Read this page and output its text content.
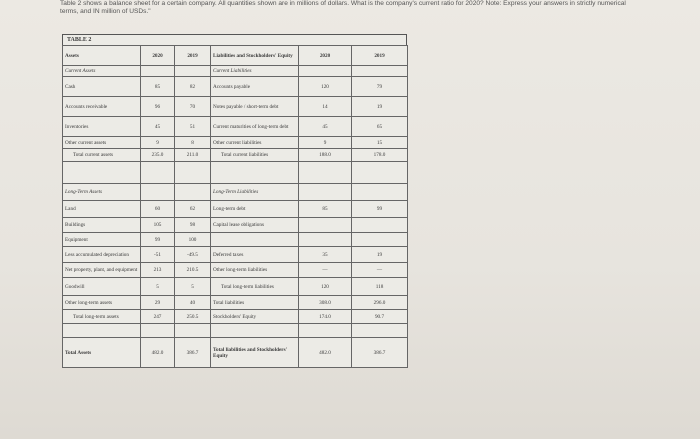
Table 2 shows a balance sheet for a certain company. All quantities shown are in millions of dollars. What is the company's current ratio for 2020? Note: Express your answers in strictly numerical
terms, and IN million of USDs."
TABLE 2
Assets	2020	2019	Liabilities and Stockholders' Equity	2020	2019
Current Assets			Current Liabilities		
Cash	85	82	Accounts payable	120	79
Accounts receivable	96	70	Notes payable / short-term debt	14	19
Inventories	45	51	Current maturities of long-term debt	45	65
Other current assets	9	8	Other current liabilities	9	15
Total current assets	235.0	211.0	Total current liabilities	188.0	178.0

Long-Term Assets			Long-Term Liabilities		
Land	60	62	Long-term debt	85	99
Buildings	105	98	Capital lease obligations		
Equipment	99	100			
Less accumulated depreciation	-51	-49.5	Deferred taxes	35	19
Net property, plant, and equipment	213	210.5	Other long-term liabilities	—	—
Goodwill	5	5	Total long-term liabilities	120	118
Other long-term assets	29	40	Total liabilities	308.0	296.0
Total long-term assets	247	250.5	Stockholders' Equity	174.0	90.7

Total Assets	482.0	386.7	Total liabilities and Stockholders' Equity	482.0	386.7
